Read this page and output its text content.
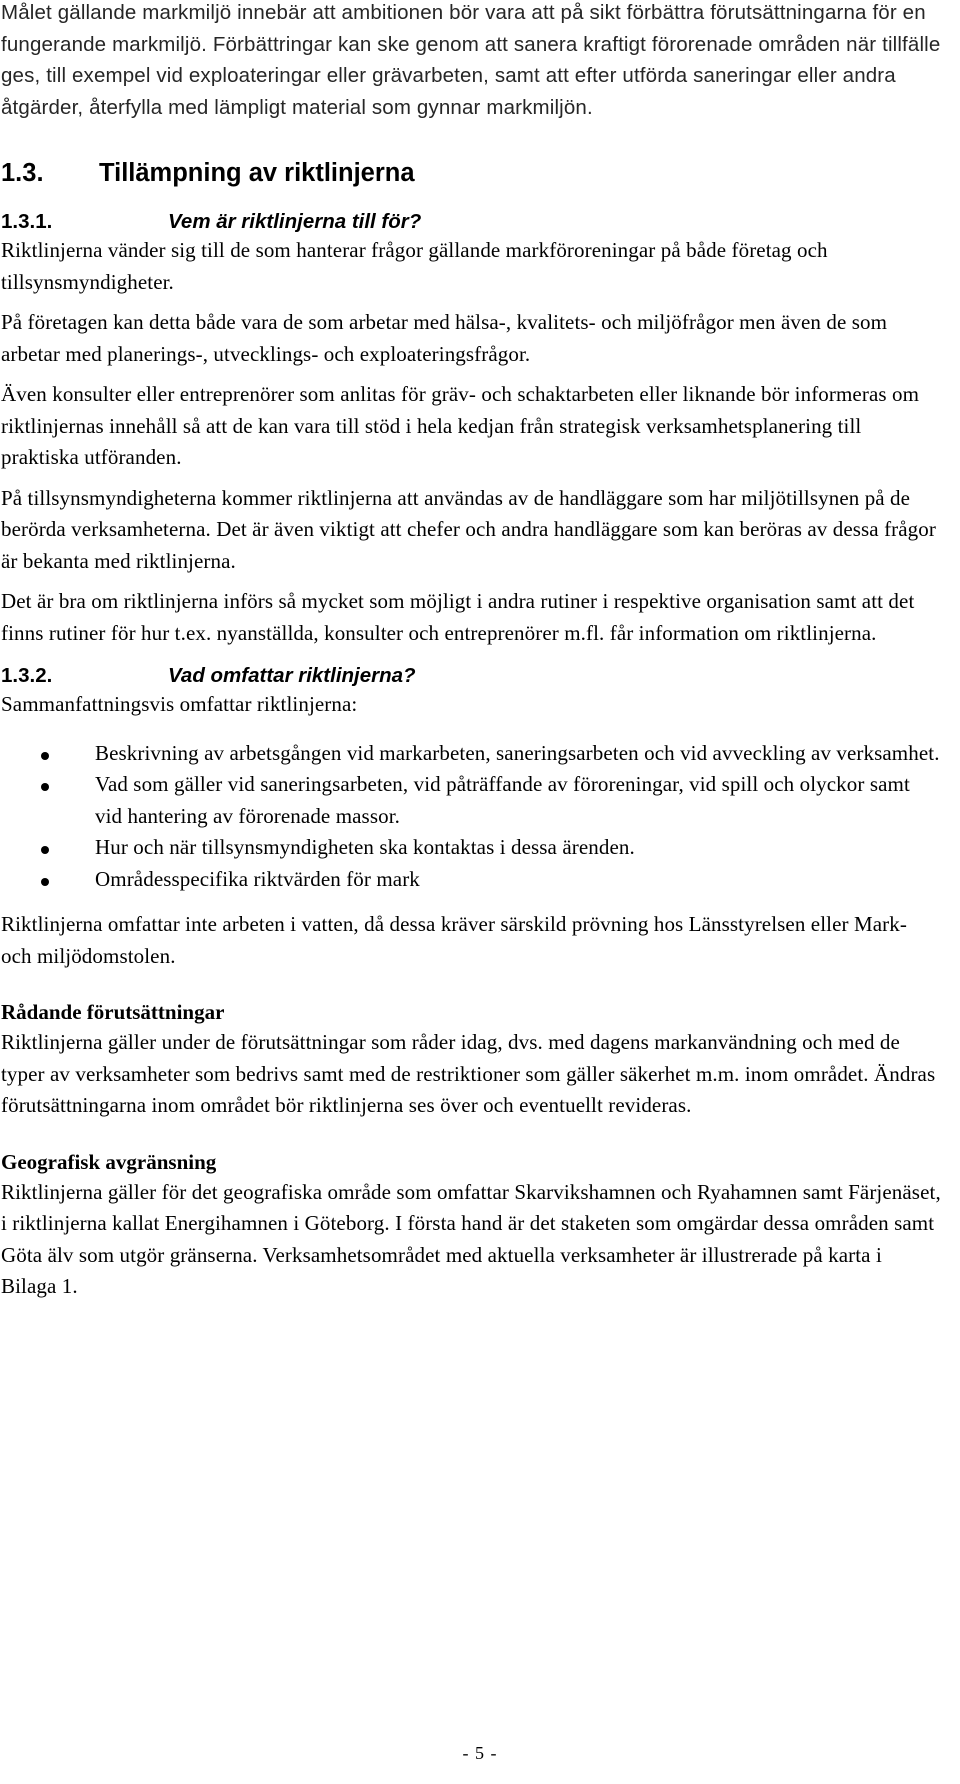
Målet gällande markmiljö innebär att ambitionen bör vara att på sikt förbättra förutsättningarna för en fungerande markmiljö. Förbättringar kan ske genom att sanera kraftigt förorenade områden när tillfälle ges, till exempel vid exploateringar eller grävarbeten, samt att efter utförda saneringar eller andra åtgärder, återfylla med lämpligt material som gynnar markmiljön.

1.3. Tillämpning av riktlinjerna
1.3.1.	Vem är riktlinjerna till för?

Riktlinjerna vänder sig till de som hanterar frågor gällande markföroreningar på både företag och tillsynsmyndigheter.

På företagen kan detta både vara de som arbetar med hälsa-, kvalitets- och miljöfrågor men även de som arbetar med planerings-, utvecklings- och exploateringsfrågor.

Även konsulter eller entreprenörer som anlitas för gräv- och schaktarbeten eller liknande bör informeras om riktlinjernas innehåll så att de kan vara till stöd i hela kedjan från strategisk verksamhetsplanering till praktiska utföranden.

På tillsynsmyndigheterna kommer riktlinjerna att användas av de handläggare som har miljötillsynen på de berörda verksamheterna. Det är även viktigt att chefer och andra handläggare som kan beröras av dessa frågor är bekanta med riktlinjerna.

Det är bra om riktlinjerna införs så mycket som möjligt i andra rutiner i respektive organisation samt att det finns rutiner för hur t.ex. nyanställda, konsulter och entreprenörer m.fl. får information om riktlinjerna.

1.3.2.	Vad omfattar riktlinjerna?

Sammanfattningsvis omfattar riktlinjerna:

Beskrivning av arbetsgången vid markarbeten, saneringsarbeten och vid avveckling av verksamhet.
Vad som gäller vid saneringsarbeten, vid påträffande av föroreningar, vid spill och olyckor samt vid hantering av förorenade massor.
Hur och när tillsynsmyndigheten ska kontaktas i dessa ärenden.
Områdesspecifika riktvärden för mark

Riktlinjerna omfattar inte arbeten i vatten, då dessa kräver särskild prövning hos Länsstyrelsen eller Mark- och miljödomstolen.

Rådande förutsättningar

Riktlinjerna gäller under de förutsättningar som råder idag, dvs. med dagens markanvändning och med de typer av verksamheter som bedrivs samt med de restriktioner som gäller säkerhet m.m. inom området. Ändras förutsättningarna inom området bör riktlinjerna ses över och eventuellt revideras.

Geografisk avgränsning

Riktlinjerna gäller för det geografiska område som omfattar Skarvikshamnen och Ryahamnen samt Färjenäset, i riktlinjerna kallat Energihamnen i Göteborg. I första hand är det staketen som omgärdar dessa områden samt Göta älv som utgör gränserna. Verksamhetsområdet med aktuella verksamheter är illustrerade på karta i Bilaga 1.

- 5 -
